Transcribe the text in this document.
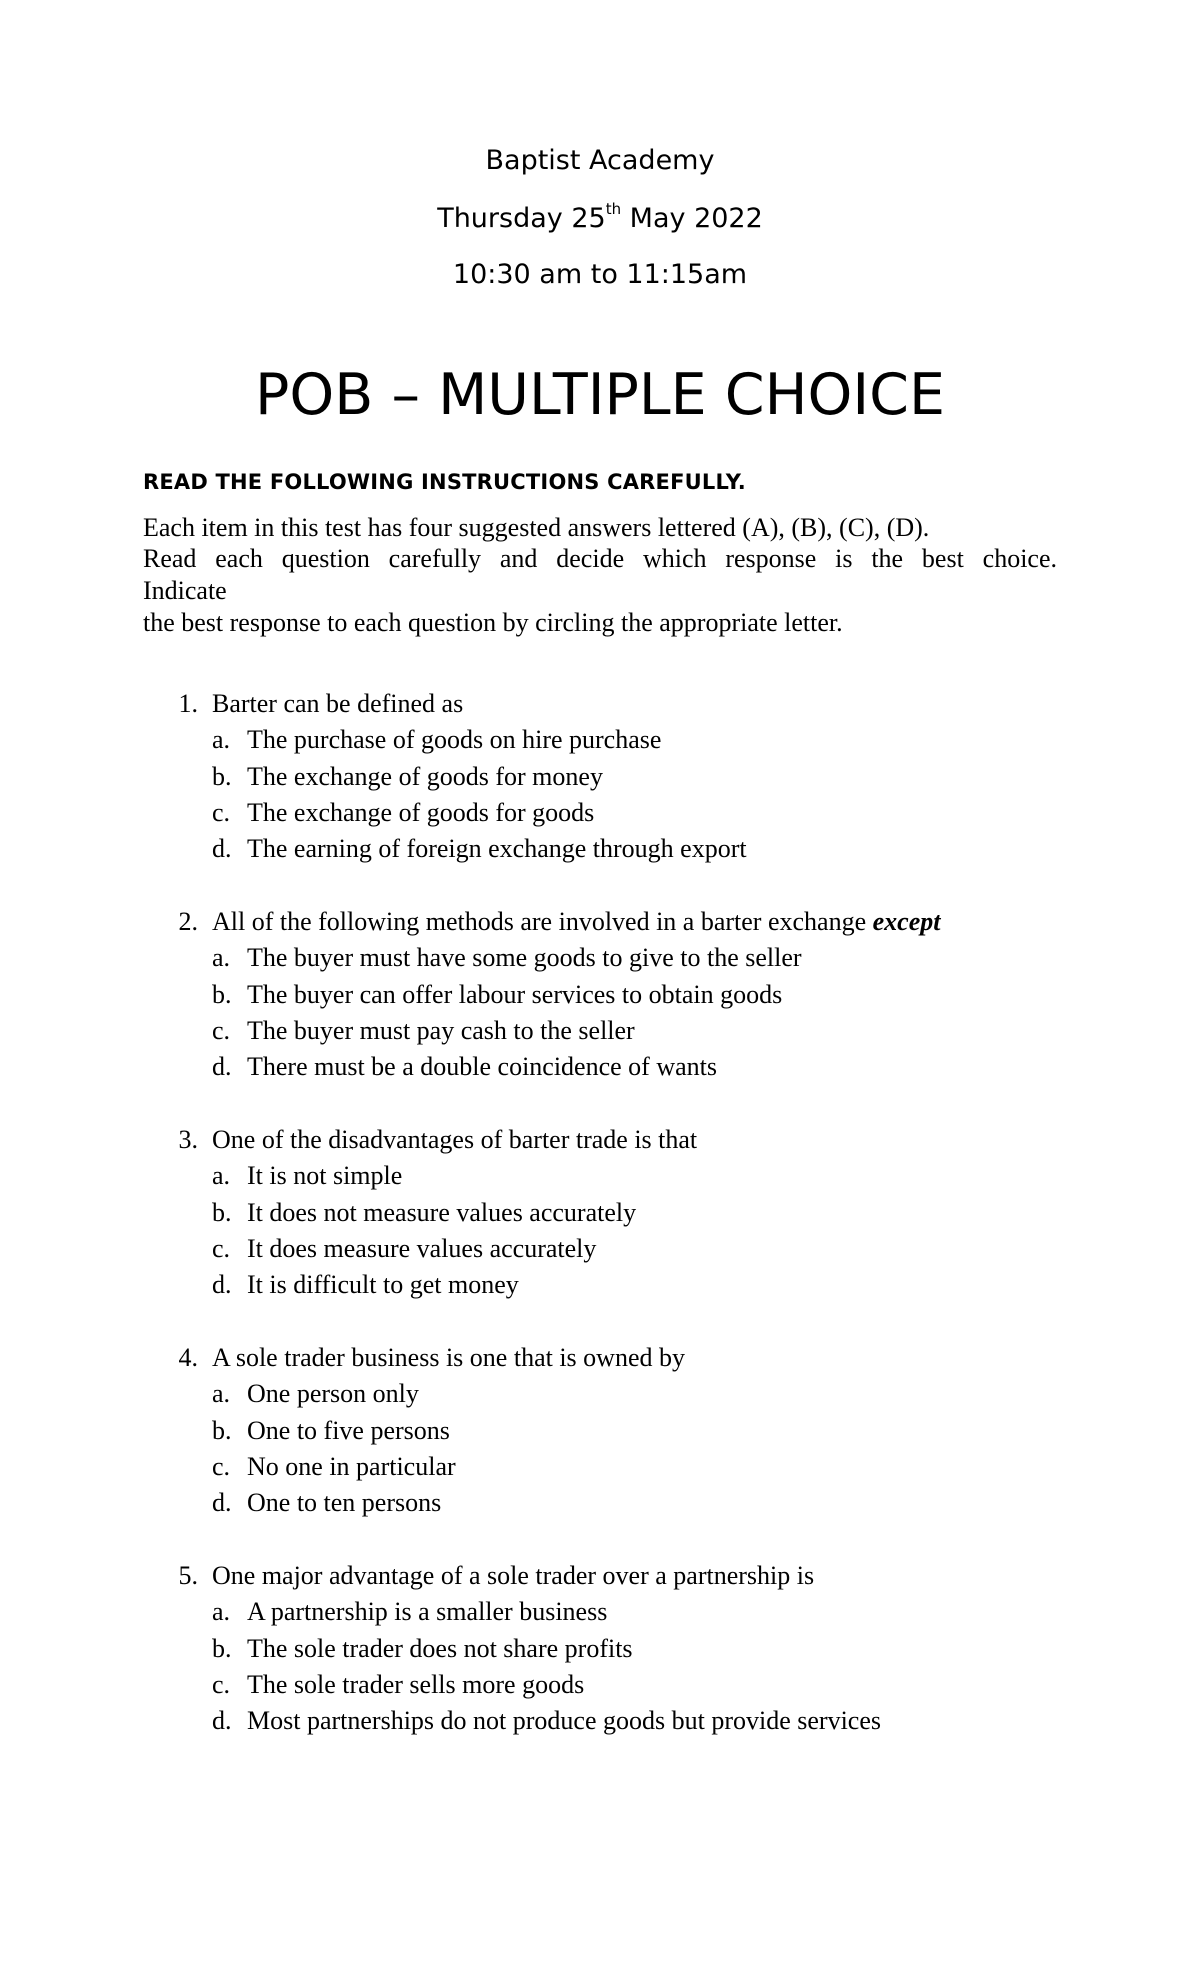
Baptist Academy
Thursday 25th May 2022
10:30 am to 11:15am
POB – MULTIPLE CHOICE
READ THE FOLLOWING INSTRUCTIONS CAREFULLY.
Each item in this test has four suggested answers lettered (A), (B), (C), (D).
Read each question carefully and decide which response is the best choice.
Indicate
the best response to each question by circling the appropriate letter.
1. Barter can be defined as
a. The purchase of goods on hire purchase
b. The exchange of goods for money
c. The exchange of goods for goods
d. The earning of foreign exchange through export
2. All of the following methods are involved in a barter exchange except
a. The buyer must have some goods to give to the seller
b. The buyer can offer labour services to obtain goods
c. The buyer must pay cash to the seller
d. There must be a double coincidence of wants
3. One of the disadvantages of barter trade is that
a. It is not simple
b. It does not measure values accurately
c. It does measure values accurately
d. It is difficult to get money
4. A sole trader business is one that is owned by
a. One person only
b. One to five persons
c. No one in particular
d. One to ten persons
5. One major advantage of a sole trader over a partnership is
a. A partnership is a smaller business
b. The sole trader does not share profits
c. The sole trader sells more goods
d. Most partnerships do not produce goods but provide services
